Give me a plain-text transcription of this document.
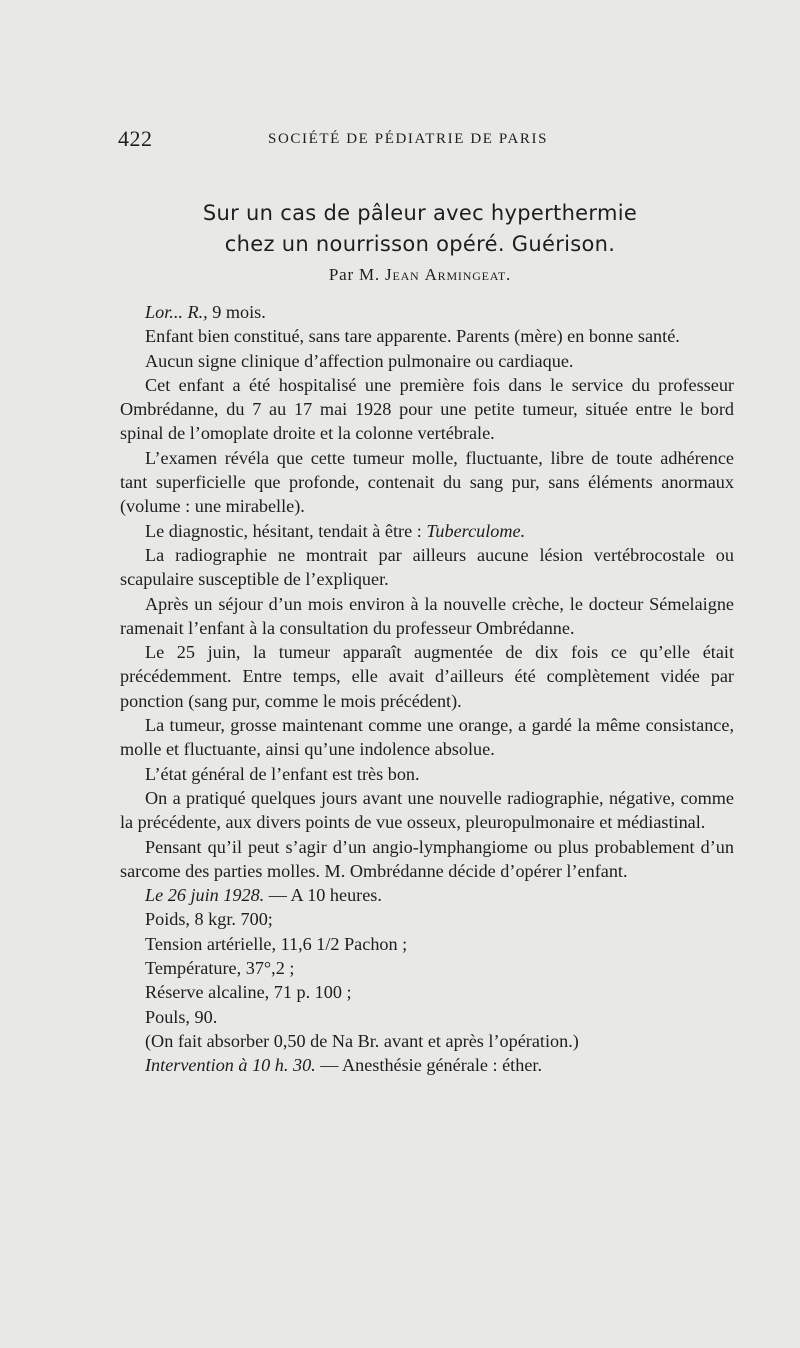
422	SOCIÉTÉ DE PÉDIATRIE DE PARIS
Sur un cas de pâleur avec hyperthermie
chez un nourrisson opéré. Guérison.
Par M. Jean Armingeat.

Lor... R., 9 mois.

Enfant bien constitué, sans tare apparente. Parents (mère) en bonne santé.

Aucun signe clinique d’affection pulmonaire ou cardiaque.

Cet enfant a été hospitalisé une première fois dans le service du professeur Ombrédanne, du 7 au 17 mai 1928 pour une petite tumeur, située entre le bord spinal de l’omoplate droite et la colonne vertébrale.

L’examen révéla que cette tumeur molle, fluctuante, libre de toute adhérence tant superficielle que profonde, contenait du sang pur, sans éléments anormaux (volume : une mirabelle).

Le diagnostic, hésitant, tendait à être : Tuberculome.

La radiographie ne montrait par ailleurs aucune lésion vertébrocostale ou scapulaire susceptible de l’expliquer.

Après un séjour d’un mois environ à la nouvelle crèche, le docteur Sémelaigne ramenait l’enfant à la consultation du professeur Ombrédanne.

Le 25 juin, la tumeur apparaît augmentée de dix fois ce qu’elle était précédemment. Entre temps, elle avait d’ailleurs été complètement vidée par ponction (sang pur, comme le mois précédent).

La tumeur, grosse maintenant comme une orange, a gardé la même consistance, molle et fluctuante, ainsi qu’une indolence absolue.

L’état général de l’enfant est très bon.

On a pratiqué quelques jours avant une nouvelle radiographie, négative, comme la précédente, aux divers points de vue osseux, pleuropulmonaire et médiastinal.

Pensant qu’il peut s’agir d’un angio-lymphangiome ou plus probablement d’un sarcome des parties molles. M. Ombrédanne décide d’opérer l’enfant.

Le 26 juin 1928. — A 10 heures.

Poids, 8 kgr. 700;

Tension artérielle, 11,6 1/2 Pachon ;

Température, 37°,2 ;

Réserve alcaline, 71 p. 100 ;

Pouls, 90.

(On fait absorber 0,50 de Na Br. avant et après l’opération.)

Intervention à 10 h. 30. — Anesthésie générale : éther.
